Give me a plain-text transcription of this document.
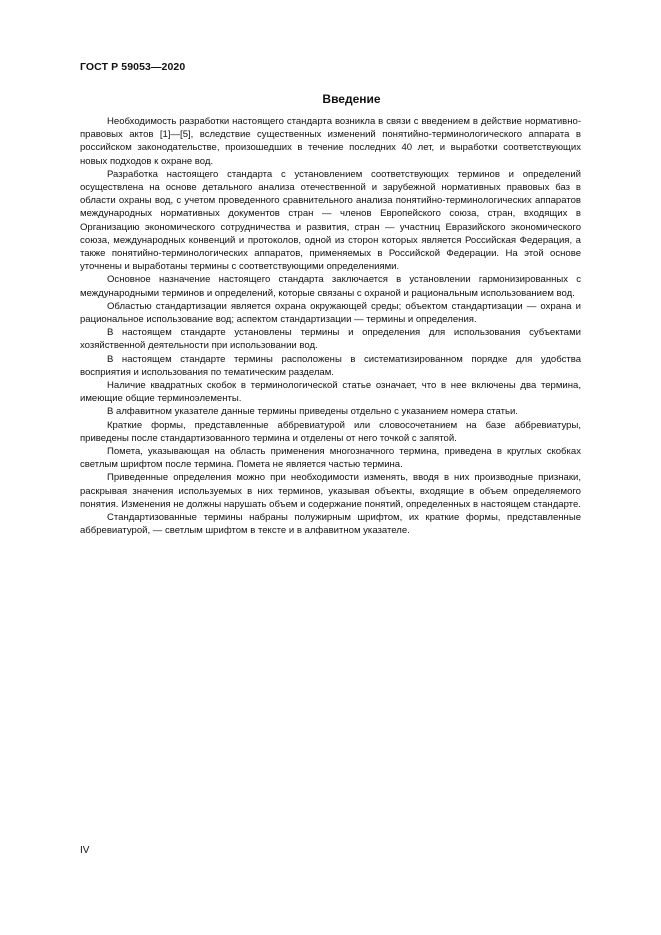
ГОСТ Р 59053—2020
Введение

Необходимость разработки настоящего стандарта возникла в связи с введением в действие нормативно-правовых актов [1]—[5], вследствие существенных изменений понятийно-терминологического аппарата в российском законодательстве, произошедших в течение последних 40 лет, и выработки соответствующих новых подходов к охране вод.

Разработка настоящего стандарта с установлением соответствующих терминов и определений осуществлена на основе детального анализа отечественной и зарубежной нормативных правовых баз в области охраны вод, с учетом проведенного сравнительного анализа понятийно-терминологических аппаратов международных нормативных документов стран — членов Европейского союза, стран, входящих в Организацию экономического сотрудничества и развития, стран — участниц Евразийского экономического союза, международных конвенций и протоколов, одной из сторон которых является Российская Федерация, а также понятийно-терминологических аппаратов, применяемых в Российской Федерации. На этой основе уточнены и выработаны термины с соответствующими определениями.

Основное назначение настоящего стандарта заключается в установлении гармонизированных с международными терминов и определений, которые связаны с охраной и рациональным использованием вод.

Областью стандартизации является охрана окружающей среды; объектом стандартизации — охрана и рациональное использование вод; аспектом стандартизации — термины и определения.

В настоящем стандарте установлены термины и определения для использования субъектами хозяйственной деятельности при использовании вод.

В настоящем стандарте термины расположены в систематизированном порядке для удобства восприятия и использования по тематическим разделам.

Наличие квадратных скобок в терминологической статье означает, что в нее включены два термина, имеющие общие терминоэлементы.

В алфавитном указателе данные термины приведены отдельно с указанием номера статьи.

Краткие формы, представленные аббревиатурой или словосочетанием на базе аббревиатуры, приведены после стандартизованного термина и отделены от него точкой с запятой.

Помета, указывающая на область применения многозначного термина, приведена в круглых скобках светлым шрифтом после термина. Помета не является частью термина.

Приведенные определения можно при необходимости изменять, вводя в них производные признаки, раскрывая значения используемых в них терминов, указывая объекты, входящие в объем определяемого понятия. Изменения не должны нарушать объем и содержание понятий, определенных в настоящем стандарте.

Стандартизованные термины набраны полужирным шрифтом, их краткие формы, представленные аббревиатурой, — светлым шрифтом в тексте и в алфавитном указателе.

IV
